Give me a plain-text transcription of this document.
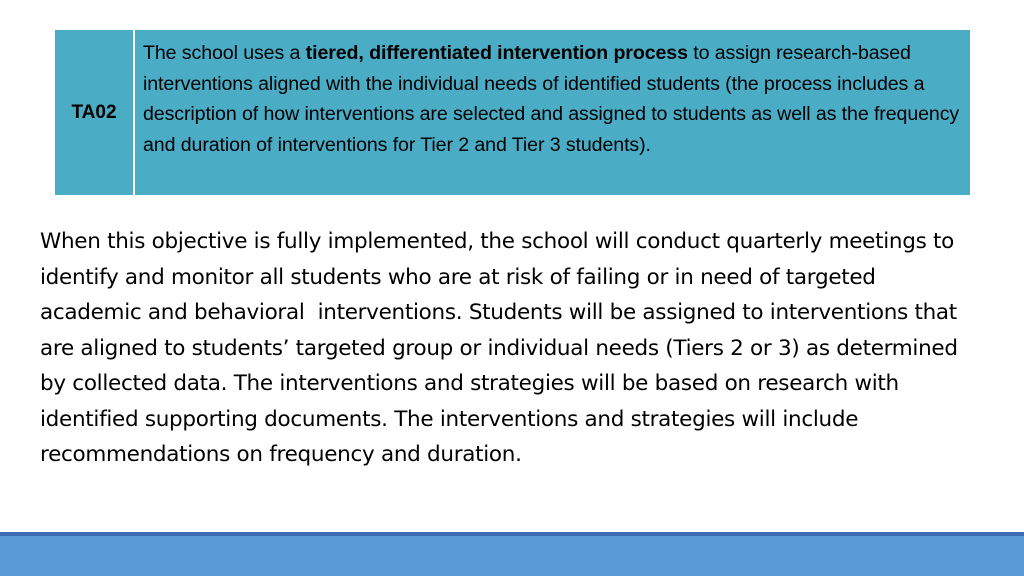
TA02
The school uses a tiered, differentiated intervention process to assign research-based interventions aligned with the individual needs of identified students (the process includes a description of how interventions are selected and assigned to students as well as the frequency and duration of interventions for Tier 2 and Tier 3 students).

When this objective is fully implemented, the school will conduct quarterly meetings to identify and monitor all students who are at risk of failing or in need of targeted academic and behavioral  interventions. Students will be assigned to interventions that are aligned to students’ targeted group or individual needs (Tiers 2 or 3) as determined by collected data. The interventions and strategies will be based on research with identified supporting documents. The interventions and strategies will include recommendations on frequency and duration.
